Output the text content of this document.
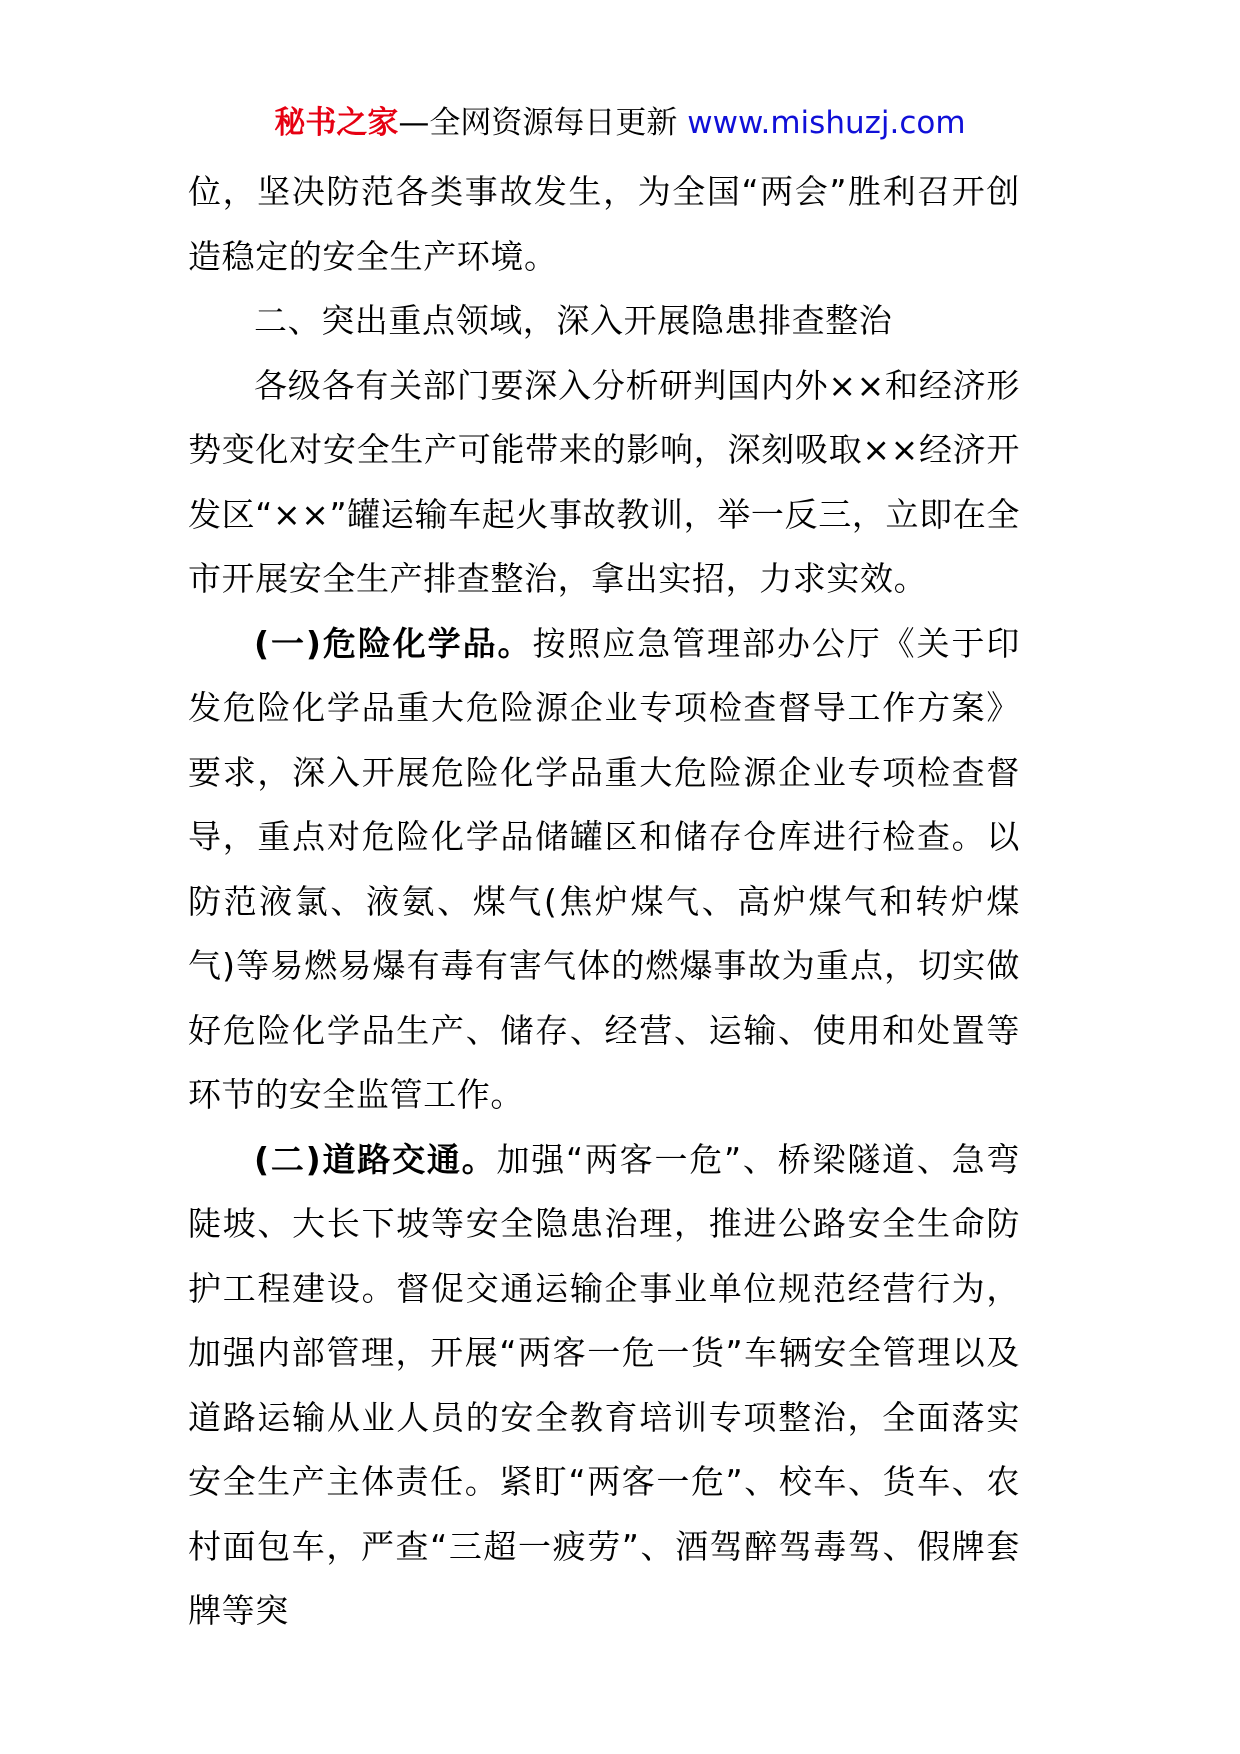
秘书之家—全网资源每日更新 www.mishuzj.com

位，坚决防范各类事故发生，为全国“两会”胜利召开创造稳定的安全生产环境。

二、突出重点领域，深入开展隐患排查整治

各级各有关部门要深入分析研判国内外××和经济形势变化对安全生产可能带来的影响，深刻吸取××经济开发区“××”罐运输车起火事故教训，举一反三，立即在全市开展安全生产排查整治，拿出实招，力求实效。

(一)危险化学品。按照应急管理部办公厅《关于印发危险化学品重大危险源企业专项检查督导工作方案》要求，深入开展危险化学品重大危险源企业专项检查督导，重点对危险化学品储罐区和储存仓库进行检查。以防范液氯、液氨、煤气(焦炉煤气、高炉煤气和转炉煤气)等易燃易爆有毒有害气体的燃爆事故为重点，切实做好危险化学品生产、储存、经营、运输、使用和处置等环节的安全监管工作。

(二)道路交通。加强“两客一危”、桥梁隧道、急弯陡坡、大长下坡等安全隐患治理，推进公路安全生命防护工程建设。督促交通运输企事业单位规范经营行为，加强内部管理，开展“两客一危一货”车辆安全管理以及道路运输从业人员的安全教育培训专项整治，全面落实安全生产主体责任。紧盯“两客一危”、校车、货车、农村面包车，严查“三超一疲劳”、酒驾醉驾毒驾、假牌套牌等突
